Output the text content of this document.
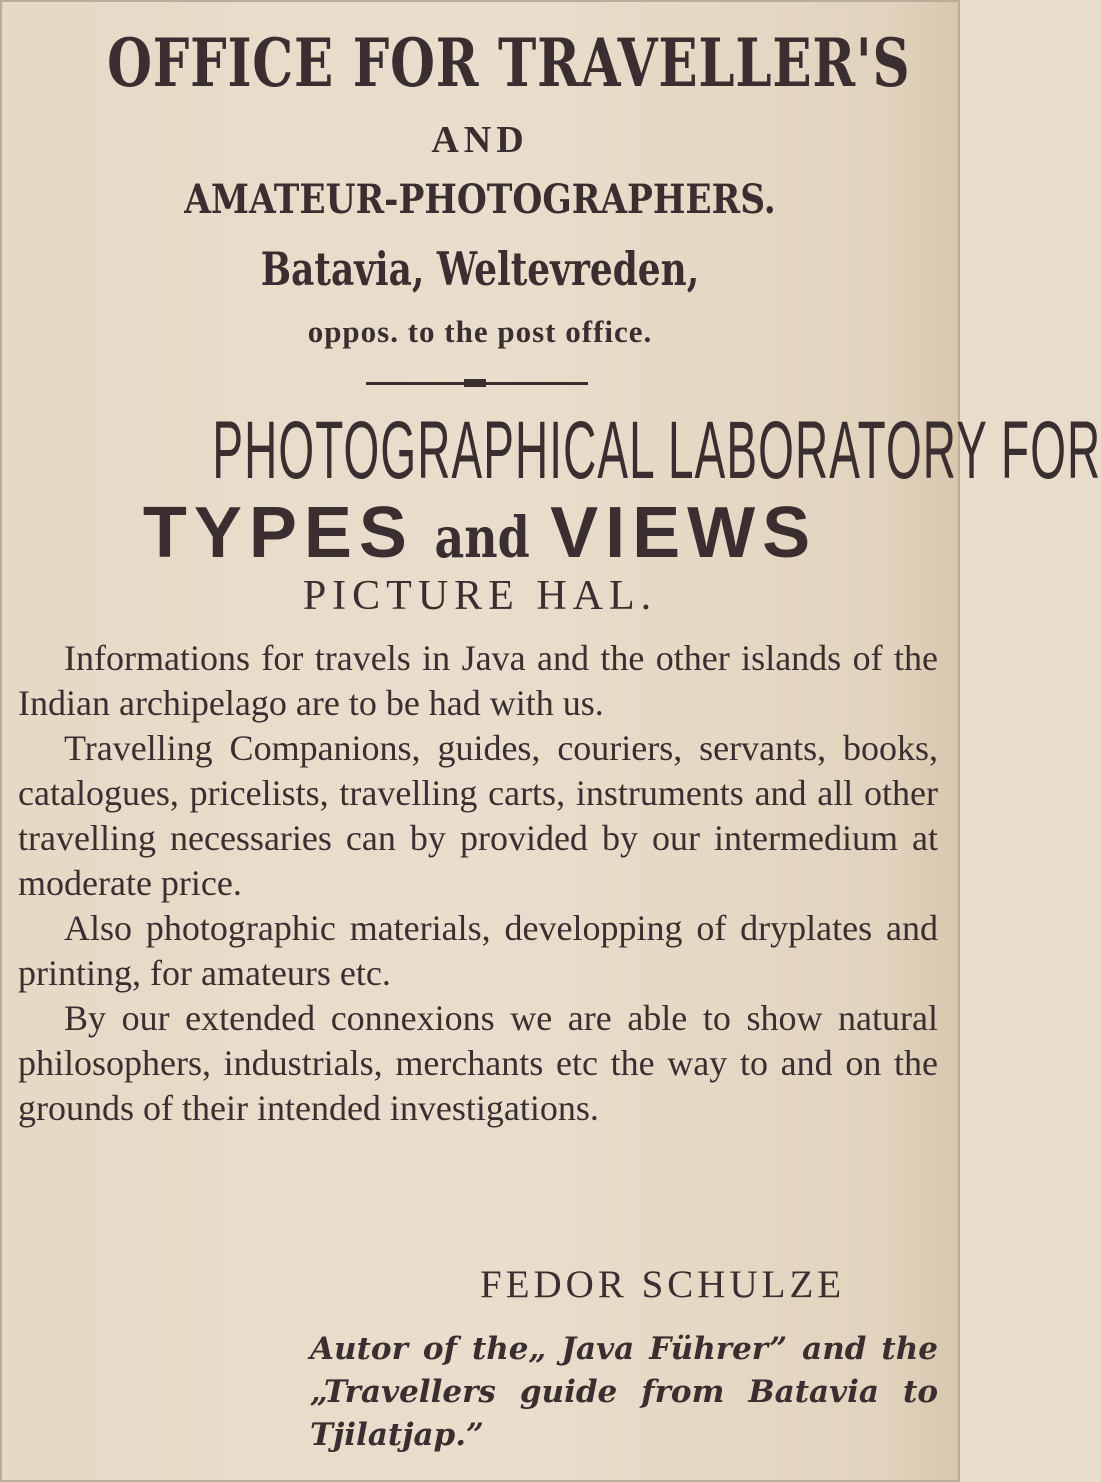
OFFICE FOR TRAVELLER'S
AND
AMATEUR-PHOTOGRAPHERS.
Batavia, Weltevreden,
oppos. to the post office.
PHOTOGRAPHICAL LABORATORY FOR
TYPES and VIEWS
PICTURE HAL.

Informations for travels in Java and the other islands of the Indian archipelago are to be had with us.

Travelling Companions, guides, couriers, servants, books, catalogues, pricelists, travelling carts, instruments and all other travelling necessaries can by provided by our intermedium at moderate price.

Also photographic materials, developping of dryplates and printing, for amateurs etc.

By our extended connexions we are able to show natural philosophers, industrials, merchants etc the way to and on the grounds of their intended investigations.

FEDOR SCHULZE
Autor of the„ Java Führer” and the „Travellers guide from Batavia to Tjilatjap.”
